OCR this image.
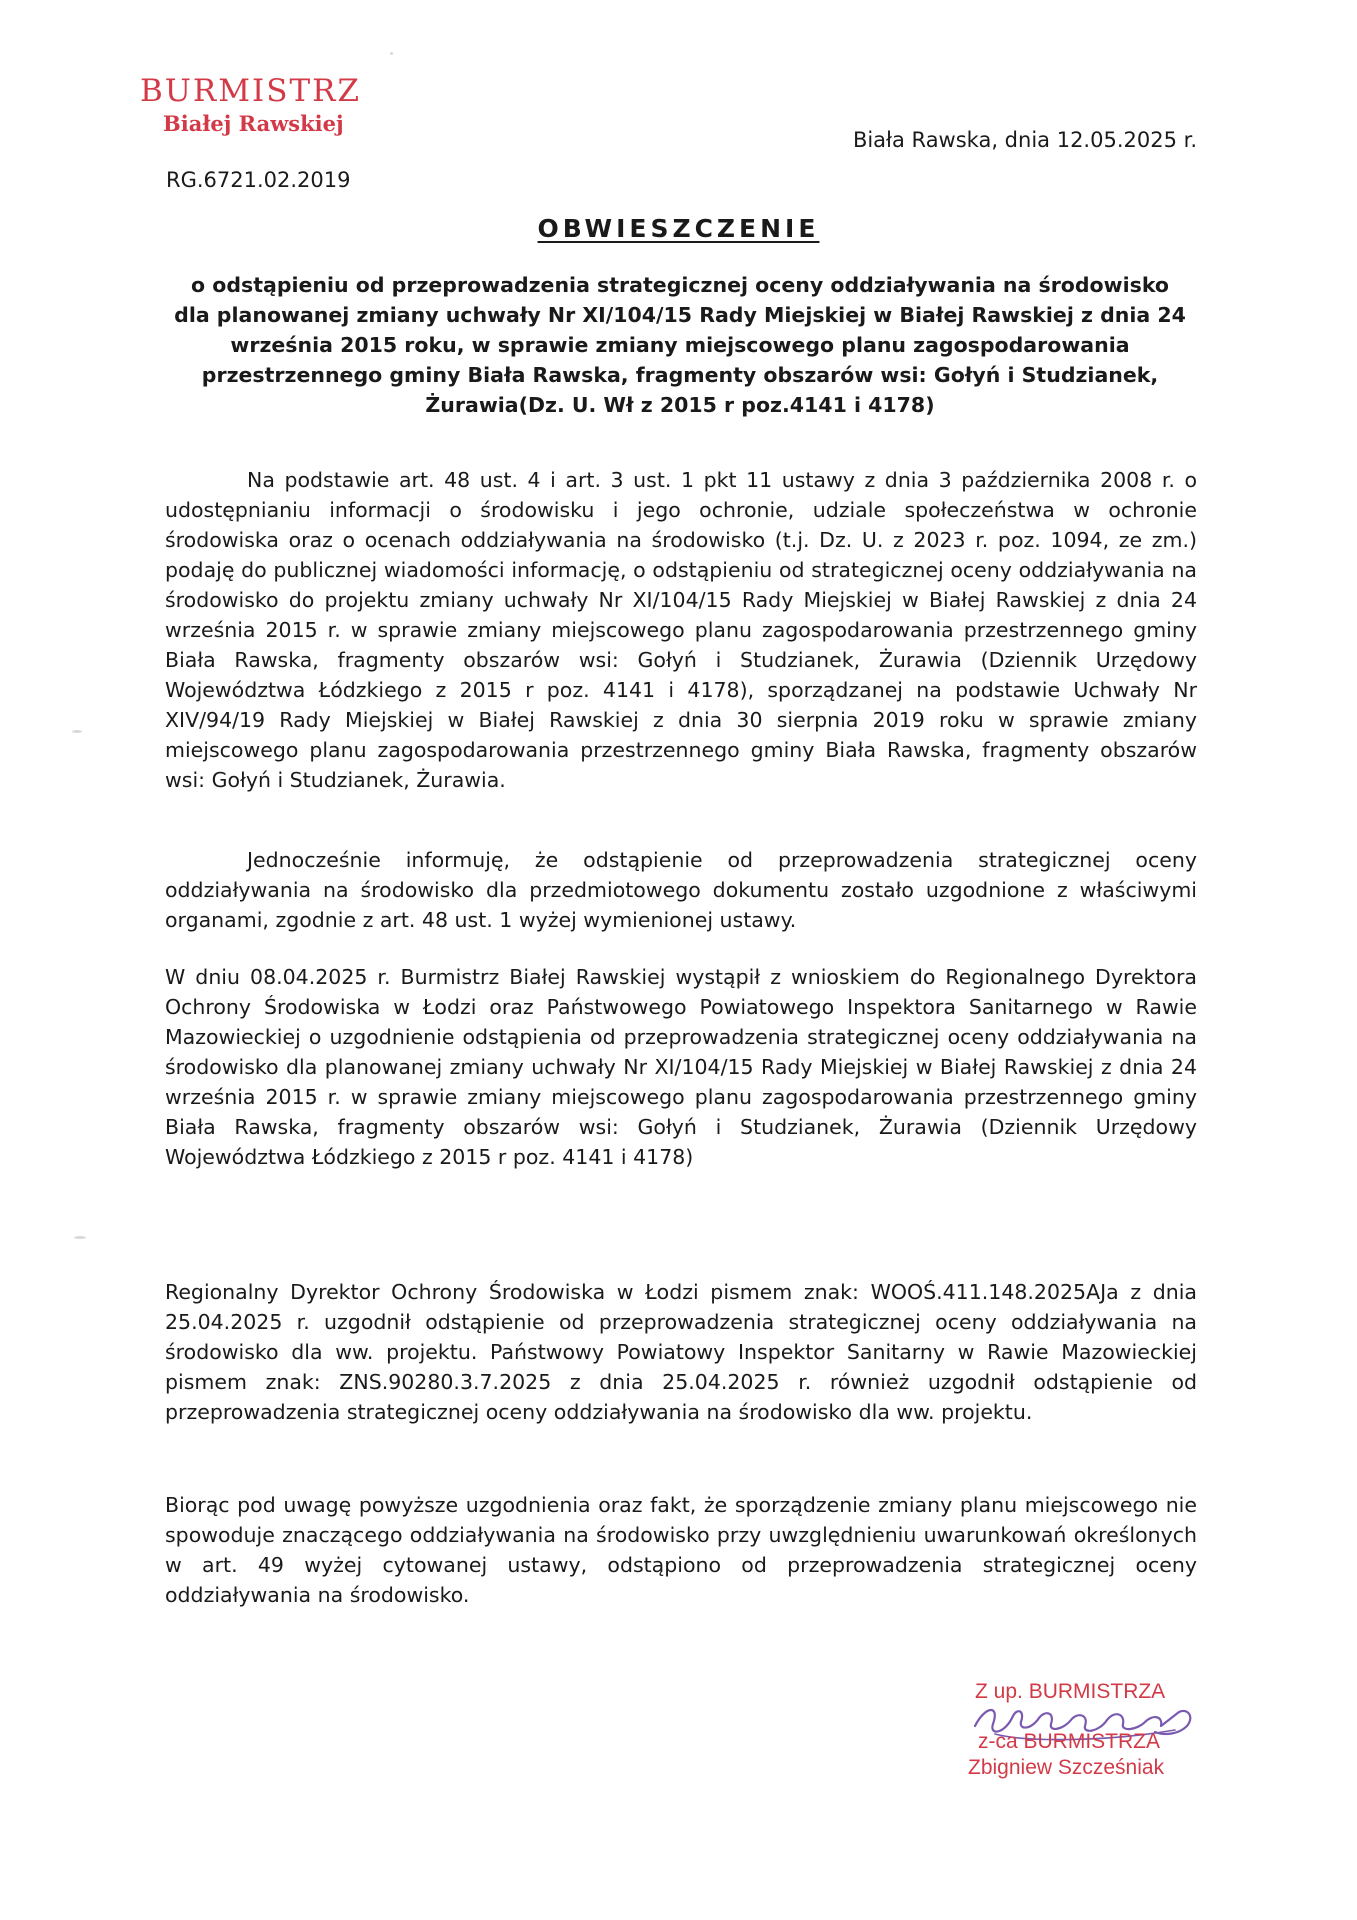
BURMISTRZ
Białej Rawskiej
Biała Rawska, dnia 12.05.2025 r.
RG.6721.02.2019
OBWIESZCZENIE
o odstąpieniu od przeprowadzenia strategicznej oceny oddziaływania na środowisko dla planowanej zmiany uchwały Nr XI/104/15 Rady Miejskiej w Białej Rawskiej z dnia 24 września 2015 roku, w sprawie zmiany miejscowego planu zagospodarowania przestrzennego gminy Biała Rawska, fragmenty obszarów wsi: Gołyń i Studzianek, Żurawia(Dz. U. Wł z 2015 r poz.4141 i 4178)

Na podstawie art. 48 ust. 4 i art. 3 ust. 1 pkt 11 ustawy z dnia 3 października 2008 r. o udostępnianiu informacji o środowisku i jego ochronie, udziale społeczeństwa w ochronie środowiska oraz o ocenach oddziaływania na środowisko (t.j. Dz. U. z 2023 r. poz. 1094, ze zm.) podaję do publicznej wiadomości informację, o odstąpieniu od strategicznej oceny oddziaływania na środowisko do projektu zmiany uchwały Nr XI/104/15 Rady Miejskiej w Białej Rawskiej z dnia 24 września 2015 r. w sprawie zmiany miejscowego planu zagospodarowania przestrzennego gminy Biała Rawska, fragmenty obszarów wsi: Gołyń i Studzianek, Żurawia (Dziennik Urzędowy Województwa Łódzkiego z 2015 r poz. 4141 i 4178), sporządzanej na podstawie Uchwały Nr XIV/94/19 Rady Miejskiej w Białej Rawskiej z dnia 30 sierpnia 2019 roku w sprawie zmiany miejscowego planu zagospodarowania przestrzennego gminy Biała Rawska, fragmenty obszarów wsi: Gołyń i Studzianek, Żurawia.

Jednocześnie informuję, że odstąpienie od przeprowadzenia strategicznej oceny oddziaływania na środowisko dla przedmiotowego dokumentu zostało uzgodnione z właściwymi organami, zgodnie z art. 48 ust. 1 wyżej wymienionej ustawy.

W dniu 08.04.2025 r. Burmistrz Białej Rawskiej wystąpił z wnioskiem do Regionalnego Dyrektora Ochrony Środowiska w Łodzi oraz Państwowego Powiatowego Inspektora Sanitarnego w Rawie Mazowieckiej o uzgodnienie odstąpienia od przeprowadzenia strategicznej oceny oddziaływania na środowisko dla planowanej zmiany uchwały Nr XI/104/15 Rady Miejskiej w Białej Rawskiej z dnia 24 września 2015 r. w sprawie zmiany miejscowego planu zagospodarowania przestrzennego gminy Biała Rawska, fragmenty obszarów wsi: Gołyń i Studzianek, Żurawia (Dziennik Urzędowy Województwa Łódzkiego z 2015 r poz. 4141 i 4178)

Regionalny Dyrektor Ochrony Środowiska w Łodzi pismem znak: WOOŚ.411.148.2025AJa z dnia 25.04.2025 r. uzgodnił odstąpienie od przeprowadzenia strategicznej oceny oddziaływania na środowisko dla ww. projektu. Państwowy Powiatowy Inspektor Sanitarny w Rawie Mazowieckiej pismem znak: ZNS.90280.3.7.2025 z dnia 25.04.2025 r. również uzgodnił odstąpienie od przeprowadzenia strategicznej oceny oddziaływania na środowisko dla ww. projektu.

Biorąc pod uwagę powyższe uzgodnienia oraz fakt, że sporządzenie zmiany planu miejscowego nie spowoduje znaczącego oddziaływania na środowisko przy uwzględnieniu uwarunkowań określonych w art. 49 wyżej cytowanej ustawy, odstąpiono od przeprowadzenia strategicznej oceny oddziaływania na środowisko.

Z up. BURMISTRZA
z-ca BURMISTRZA
Zbigniew Szcześniak
